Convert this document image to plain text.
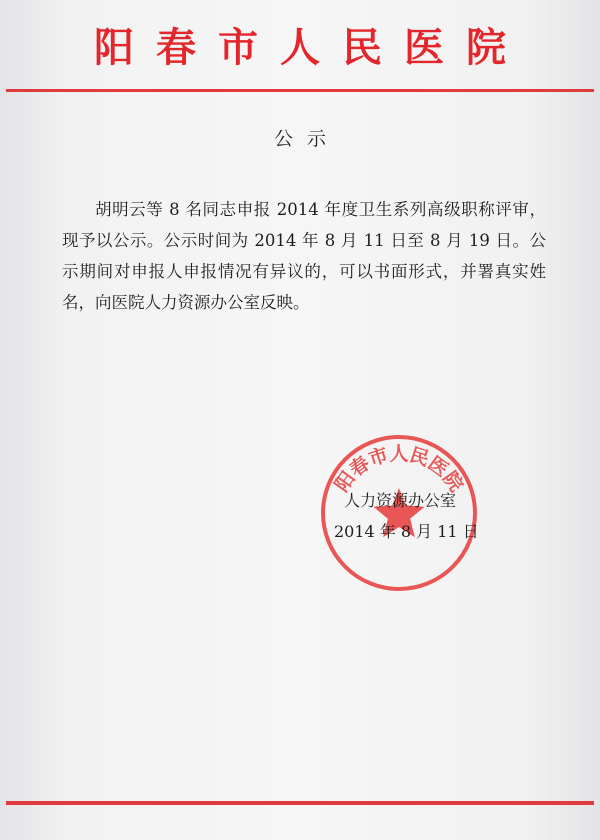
阳春市人民医院
公示

胡明云等 8 名同志申报 2014 年度卫生系列高级职称评审，现予以公示。公示时间为 2014 年 8 月 11 日至 8 月 19 日。公示期间对申报人申报情况有异议的，可以书面形式，并署真实姓名，向医院人力资源办公室反映。

阳春市人民医院
人力资源办公室
2014 年 8 月 11 日
